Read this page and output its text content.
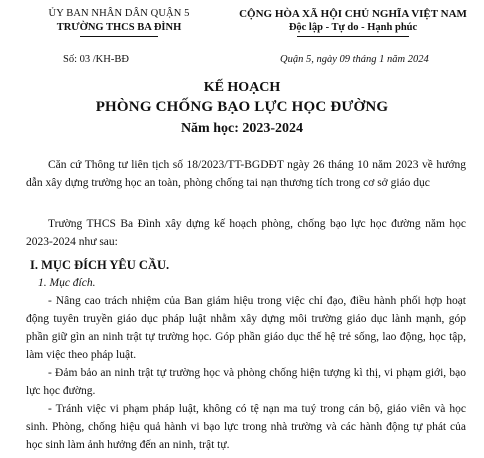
ỦY BAN NHÂN DÂN QUẬN 5
TRƯỜNG THCS BA ĐÌNH
CỘNG HÒA XÃ HỘI CHỦ NGHĨA VIỆT NAM
Độc lập - Tự do - Hạnh phúc
Số: 03 /KH-BĐ	Quận 5, ngày 09 tháng 1 năm 2024
KẾ HOẠCH
PHÒNG CHỐNG BẠO LỰC HỌC ĐƯỜNG
Năm học: 2023-2024
Căn cứ Thông tư liên tịch số 18/2023/TT-BGDĐT ngày 26 tháng 10 năm 2023 về hướng dẫn xây dựng trường học an toàn, phòng chống tai nạn thương tích trong cơ sở giáo dục
Trường THCS Ba Đình xây dựng kế hoạch phòng, chống bạo lực học đường năm học 2023-2024 như sau:
I. MỤC ĐÍCH YÊU CẦU.
1. Mục đích.
- Nâng cao trách nhiệm của Ban giám hiệu trong việc chỉ đạo, điều hành phối hợp hoạt động tuyên truyền giáo dục pháp luật nhằm xây dựng môi trường giáo dục lành mạnh, góp phần giữ gìn an ninh trật tự trường học. Góp phần giáo dục thế hệ trẻ sống, lao động, học tập, làm việc theo pháp luật.
- Đảm bảo an ninh trật tự trường học và phòng chống hiện tượng kì thị, vi phạm giới, bạo lực học đường.
- Tránh việc vi phạm pháp luật, không có tệ nạn ma tuý trong cán bộ, giáo viên và học sinh. Phòng, chống hiệu quả hành vi bạo lực trong nhà trường và các hành động tự phát của học sinh làm ảnh hưởng đến an ninh, trật tự.
